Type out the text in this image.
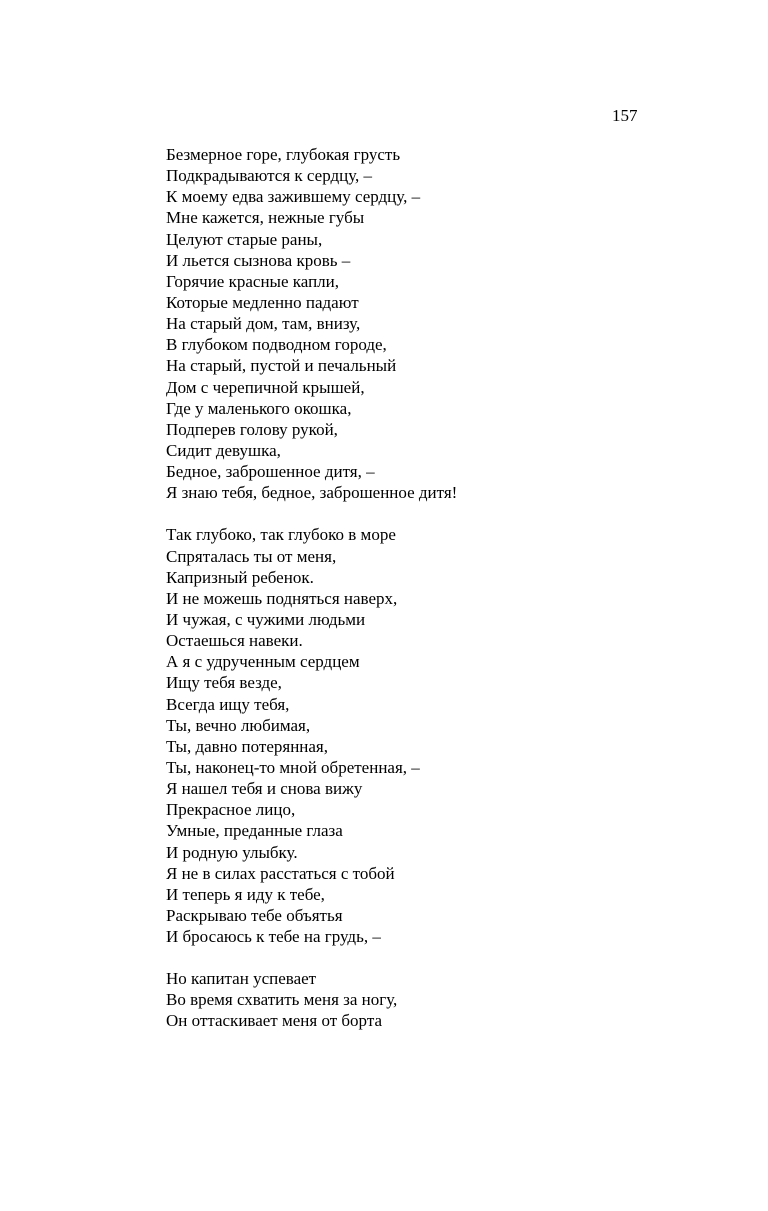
157
Безмерное горе, глубокая грусть
Подкрадываются к сердцу, –
К моему едва зажившему сердцу, –
Мне кажется, нежные губы
Целуют старые раны,
И льется сызнова кровь –
Горячие красные капли,
Которые медленно падают
На старый дом, там, внизу,
В глубоком подводном городе,
На старый, пустой и печальный
Дом с черепичной крышей,
Где у маленького окошка,
Подперев голову рукой,
Сидит девушка,
Бедное, заброшенное дитя, –
Я знаю тебя, бедное, заброшенное дитя!
Так глубоко, так глубоко в море
Спряталась ты от меня,
Капризный ребенок.
И не можешь подняться наверх,
И чужая, с чужими людьми
Остаешься навеки.
А я с удрученным сердцем
Ищу тебя везде,
Всегда ищу тебя,
Ты, вечно любимая,
Ты, давно потерянная,
Ты, наконец-то мной обретенная, –
Я нашел тебя и снова вижу
Прекрасное лицо,
Умные, преданные глаза
И родную улыбку.
Я не в силах расстаться с тобой
И теперь я иду к тебе,
Раскрываю тебе объятья
И бросаюсь к тебе на грудь, –
Но капитан успевает
Во время схватить меня за ногу,
Он оттаскивает меня от борта
